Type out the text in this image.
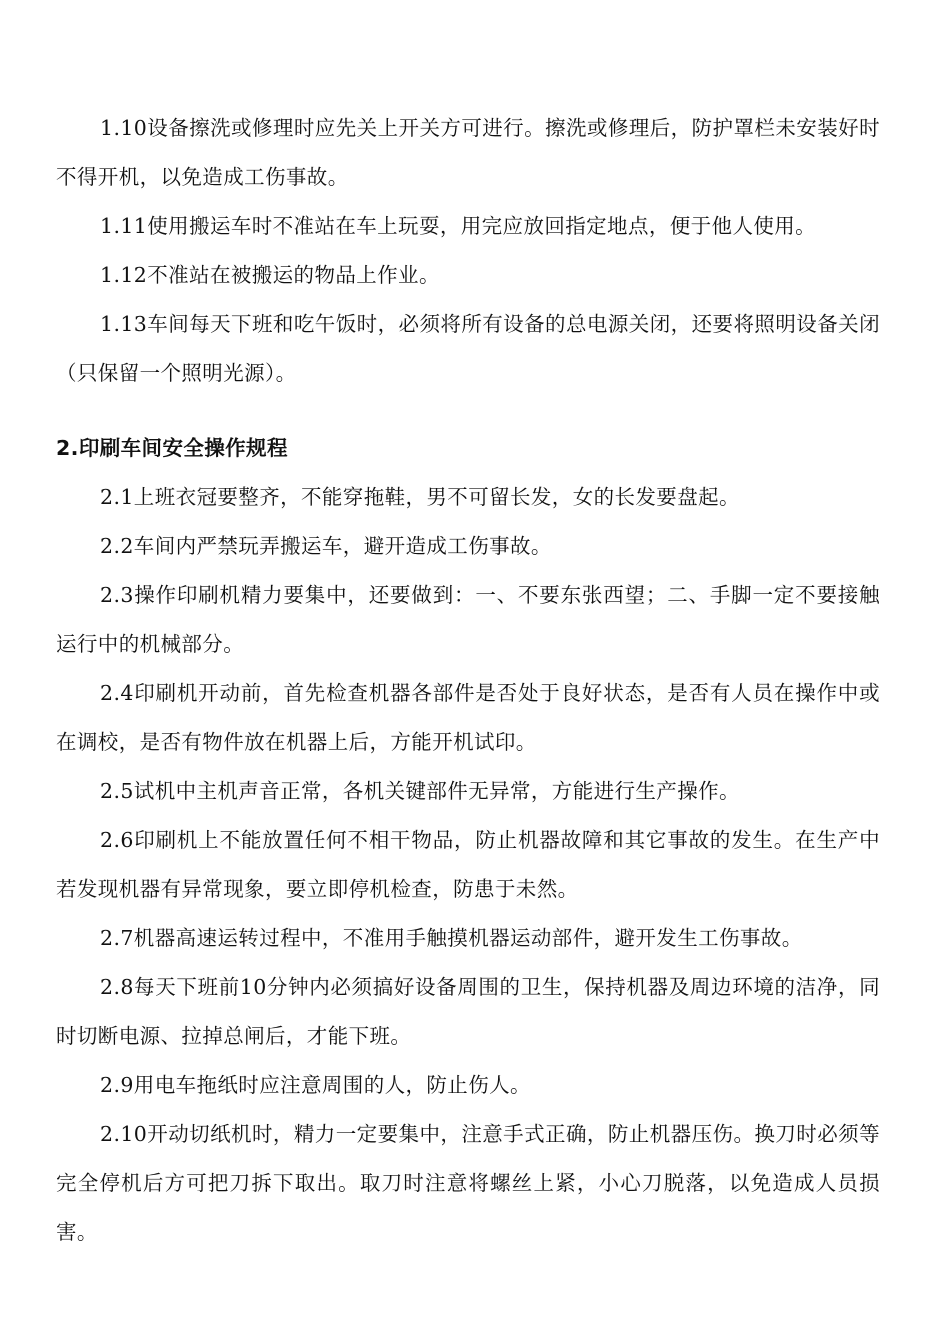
1.10设备擦洗或修理时应先关上开关方可进行。擦洗或修理后，防护罩栏未安装好时不得开机，以免造成工伤事故。

1.11使用搬运车时不准站在车上玩耍，用完应放回指定地点，便于他人使用。

1.12不准站在被搬运的物品上作业。

1.13车间每天下班和吃午饭时，必须将所有设备的总电源关闭，还要将照明设备关闭（只保留一个照明光源）。

2.印刷车间安全操作规程

2.1上班衣冠要整齐，不能穿拖鞋，男不可留长发，女的长发要盘起。

2.2车间内严禁玩弄搬运车，避开造成工伤事故。

2.3操作印刷机精力要集中，还要做到：一、不要东张西望；二、手脚一定不要接触运行中的机械部分。

2.4印刷机开动前，首先检查机器各部件是否处于良好状态，是否有人员在操作中或在调校，是否有物件放在机器上后，方能开机试印。

2.5试机中主机声音正常，各机关键部件无异常，方能进行生产操作。

2.6印刷机上不能放置任何不相干物品，防止机器故障和其它事故的发生。在生产中若发现机器有异常现象，要立即停机检查，防患于未然。

2.7机器高速运转过程中，不准用手触摸机器运动部件，避开发生工伤事故。

2.8每天下班前10分钟内必须搞好设备周围的卫生，保持机器及周边环境的洁净，同时切断电源、拉掉总闸后，才能下班。

2.9用电车拖纸时应注意周围的人，防止伤人。

2.10开动切纸机时，精力一定要集中，注意手式正确，防止机器压伤。换刀时必须等完全停机后方可把刀拆下取出。取刀时注意将螺丝上紧，小心刀脱落，以免造成人员损害。
